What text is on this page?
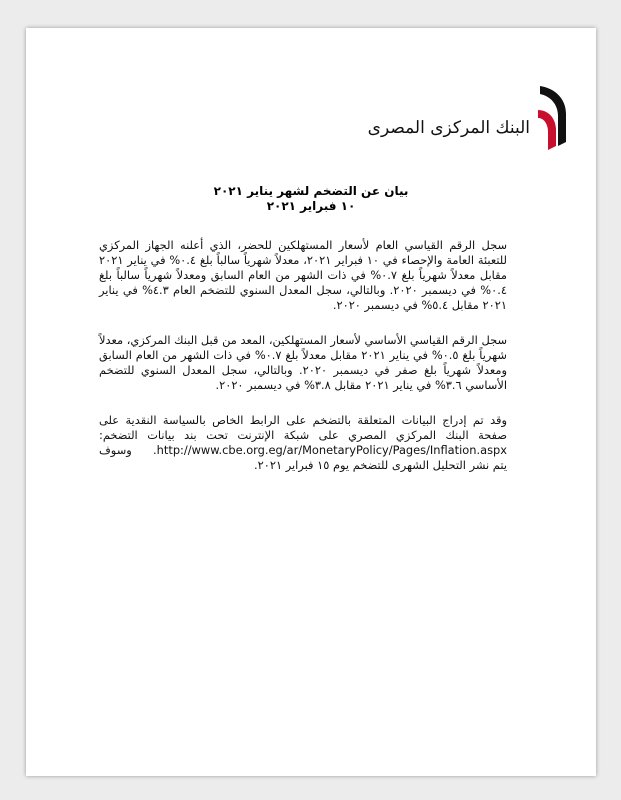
البنك المركزى المصرى
بيان عن التضخم لشهر يناير ٢٠٢١
١٠ فبراير ٢٠٢١

سجل الرقم القياسي العام لأسعار المستهلكين للحضر، الذي أعلنه الجهاز المركزي للتعبئة العامة والإحصاء في ١٠ فبراير ٢٠٢١، معدلاً شهرياً سالباً بلغ ٠.٤% في يناير ٢٠٢١ مقابل معدلاً شهرياً بلغ ٠.٧% في ذات الشهر من العام السابق ومعدلاً شهرياً سالباً بلغ ٠.٤% في ديسمبر ٢٠٢٠. وبالتالي، سجل المعدل السنوي للتضخم العام ٤.٣% في يناير ٢٠٢١ مقابل ٥.٤% في ديسمبر ٢٠٢٠.

سجل الرقم القياسي الأساسي لأسعار المستهلكين، المعد من قبل البنك المركزي، معدلاً شهرياً بلغ ٠.٥% في يناير ٢٠٢١ مقابل معدلاً بلغ ٠.٧% في ذات الشهر من العام السابق ومعدلاً شهرياً بلغ صفر في ديسمبر ٢٠٢٠. وبالتالي، سجل المعدل السنوي للتضخم الأساسي ٣.٦% في يناير ٢٠٢١ مقابل ٣.٨% في ديسمبر ٢٠٢٠.

وقد تم إدراج البيانات المتعلقة بالتضخم على الرابط الخاص بالسياسة النقدية على صفحة البنك المركزي المصري على شبكة الإنترنت تحت بند بيانات التضخم: http://www.cbe.org.eg/ar/MonetaryPolicy/Pages/Inflation.aspx. وسوف يتم نشر التحليل الشهرى للتضخم يوم ١٥ فبراير ٢٠٢١.
